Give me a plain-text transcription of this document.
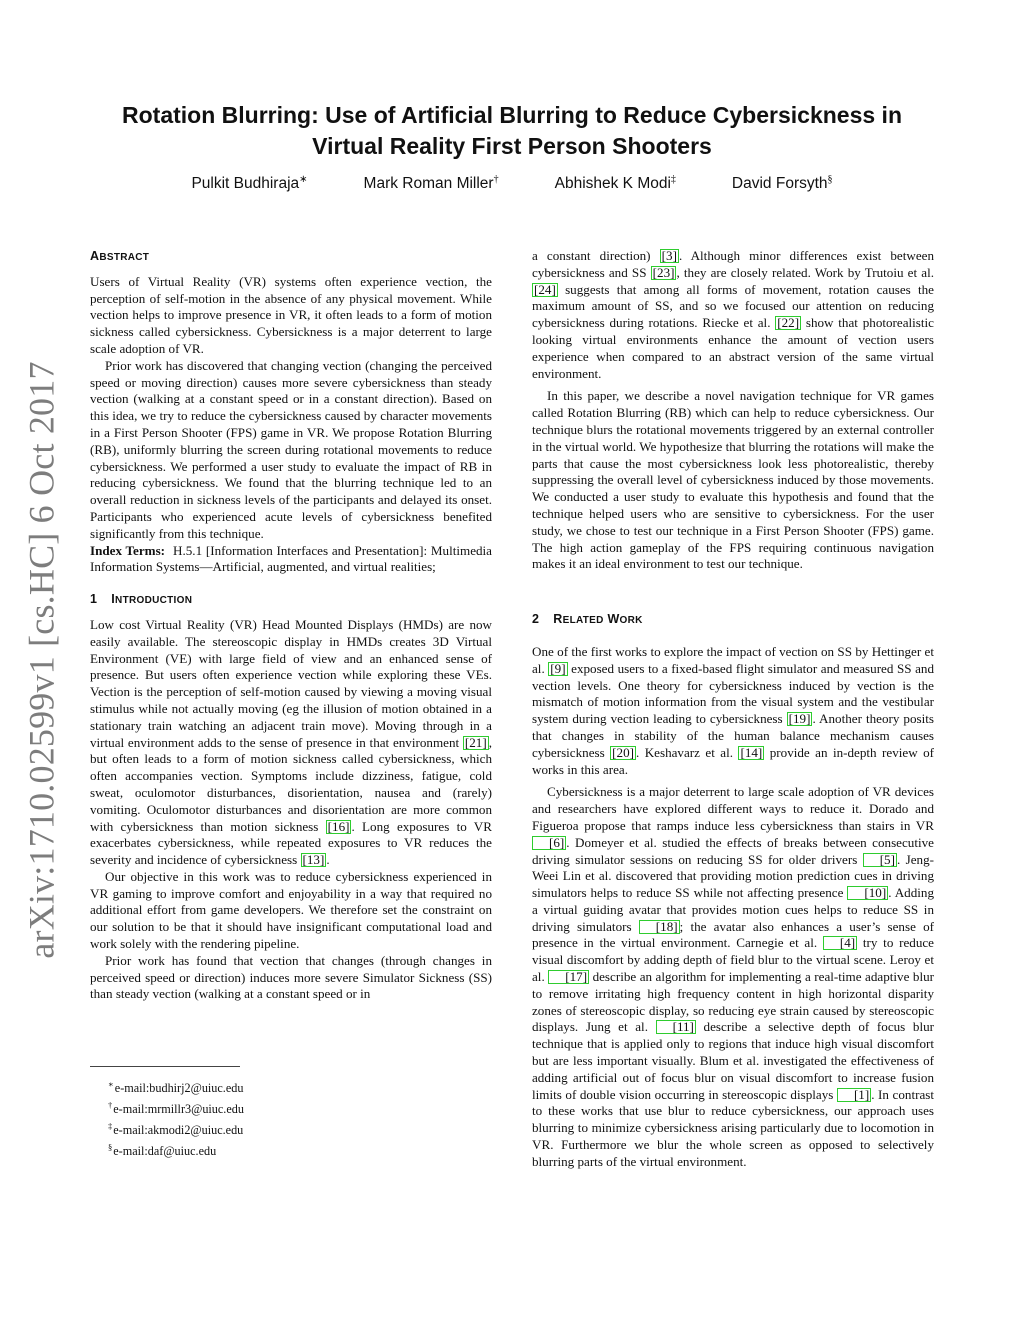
arXiv:1710.02599v1 [cs.HC] 6 Oct 2017
Rotation Blurring: Use of Artificial Blurring to Reduce Cybersickness in
Virtual Reality First Person Shooters
Pulkit Budhiraja∗	Mark Roman Miller†	Abhishek K Modi‡	David Forsyth§
ABSTRACT

Users of Virtual Reality (VR) systems often experience vection, the perception of self-motion in the absence of any physical movement. While vection helps to improve presence in VR, it often leads to a form of motion sickness called cybersickness. Cybersickness is a major deterrent to large scale adoption of VR.

Prior work has discovered that changing vection (changing the perceived speed or moving direction) causes more severe cybersickness than steady vection (walking at a constant speed or in a constant direction). Based on this idea, we try to reduce the cybersickness caused by character movements in a First Person Shooter (FPS) game in VR. We propose Rotation Blurring (RB), uniformly blurring the screen during rotational movements to reduce cybersickness. We performed a user study to evaluate the impact of RB in reducing cybersickness. We found that the blurring technique led to an overall reduction in sickness levels of the participants and delayed its onset. Participants who experienced acute levels of cybersickness benefited significantly from this technique.

Index Terms: H.5.1 [Information Interfaces and Presentation]: Multimedia Information Systems—Artificial, augmented, and virtual realities;

1 INTRODUCTION

Low cost Virtual Reality (VR) Head Mounted Displays (HMDs) are now easily available. The stereoscopic display in HMDs creates 3D Virtual Environment (VE) with large field of view and an enhanced sense of presence. But users often experience vection while exploring these VEs. Vection is the perception of self-motion caused by viewing a moving visual stimulus while not actually moving (eg the illusion of motion obtained in a stationary train watching an adjacent train move). Moving through in a virtual environment adds to the sense of presence in that environment [21] , but often leads to a form of motion sickness called cybersickness, which often accompanies vection. Symptoms include dizziness, fatigue, cold sweat, oculomotor disturbances, disorientation, nausea and (rarely) vomiting. Oculomotor disturbances and disorientation are more common with cybersickness than motion sickness [16] . Long exposures to VR exacerbates cybersickness, while repeated exposures to VR reduces the severity and incidence of cybersickness [13] .

Our objective in this work was to reduce cybersickness experienced in VR gaming to improve comfort and enjoyability in a way that required no additional effort from game developers. We therefore set the constraint on our solution to be that it should have insignificant computational load and work solely with the rendering pipeline.

Prior work has found that vection that changes (through changes in perceived speed or direction) induces more severe Simulator Sickness (SS) than steady vection (walking at a constant speed or in

∗e-mail:budhirj2@uiuc.edu
†e-mail:mrmillr3@uiuc.edu
‡e-mail:akmodi2@uiuc.edu
§e-mail:daf@uiuc.edu

a constant direction) [3] . Although minor differences exist between cybersickness and SS [23] , they are closely related. Work by Trutoiu et al. [24] suggests that among all forms of movement, rotation causes the maximum amount of SS, and so we focused our attention on reducing cybersickness during rotations. Riecke et al. [22] show that photorealistic looking virtual environments enhance the amount of vection users experience when compared to an abstract version of the same virtual environment.

In this paper, we describe a novel navigation technique for VR games called Rotation Blurring (RB) which can help to reduce cybersickness. Our technique blurs the rotational movements triggered by an external controller in the virtual world. We hypothesize that blurring the rotations will make the parts that cause the most cybersickness look less photorealistic, thereby suppressing the overall level of cybersickness induced by those movements. We conducted a user study to evaluate this hypothesis and found that the technique helped users who are sensitive to cybersickness. For the user study, we chose to test our technique in a First Person Shooter (FPS) game. The high action gameplay of the FPS requiring continuous navigation makes it an ideal environment to test our technique.

2 RELATED WORK

One of the first works to explore the impact of vection on SS by Hettinger et al. [9] exposed users to a fixed-based flight simulator and measured SS and vection levels. One theory for cybersickness induced by vection is the mismatch of motion information from the visual system and the vestibular system during vection leading to cybersickness [19] . Another theory posits that changes in stability of the human balance mechanism causes cybersickness [20] . Keshavarz et al. [14] provide an in-depth review of works in this area.

Cybersickness is a major deterrent to large scale adoption of VR devices and researchers have explored different ways to reduce it. Dorado and Figueroa propose that ramps induce less cybersickness than stairs in VR [6] . Domeyer et al. studied the effects of breaks between consecutive driving simulator sessions on reducing SS for older drivers [5] . Jeng-Weei Lin et al. discovered that providing motion prediction cues in driving simulators helps to reduce SS while not affecting presence [10] . Adding a virtual guiding avatar that provides motion cues helps to reduce SS in driving simulators [18] ; the avatar also enhances a user’s sense of presence in the virtual environment. Carnegie et al. [4] try to reduce visual discomfort by adding depth of field blur to the virtual scene. Leroy et al. [17] describe an algorithm for implementing a real-time adaptive blur to remove irritating high frequency content in high horizontal disparity zones of stereoscopic display, so reducing eye strain caused by stereoscopic displays. Jung et al. [11] describe a selective depth of focus blur technique that is applied only to regions that induce high visual discomfort but are less important visually. Blum et al. investigated the effectiveness of adding artificial out of focus blur on visual discomfort to increase fusion limits of double vision occurring in stereoscopic displays [1] . In contrast to these works that use blur to reduce cybersickness, our approach uses blurring to minimize cybersickness arising particularly due to locomotion in VR. Furthermore we blur the whole screen as opposed to selectively blurring parts of the virtual environment.
